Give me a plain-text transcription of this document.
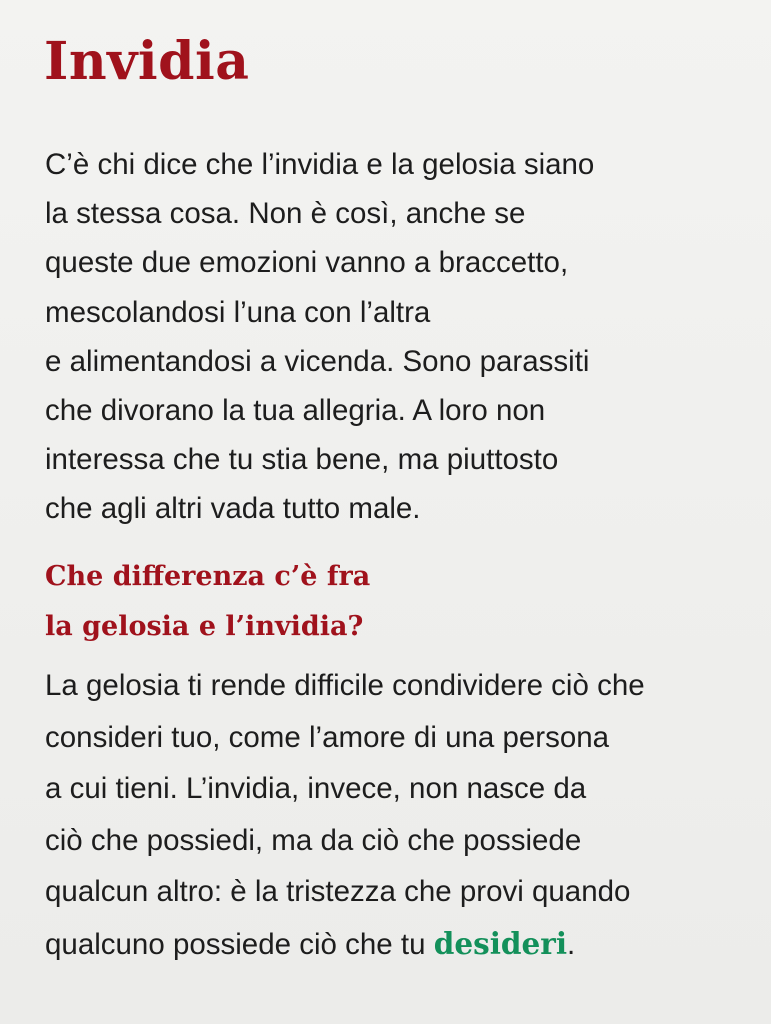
Invidia
C’è chi dice che l’invidia e la gelosia siano
la stessa cosa. Non è così, anche se
queste due emozioni vanno a braccetto,
mescolandosi l’una con l’altra
e alimentandosi a vicenda. Sono parassiti
che divorano la tua allegria. A loro non
interessa che tu stia bene, ma piuttosto
che agli altri vada tutto male.
Che differenza c’è fra
la gelosia e l’invidia?
La gelosia ti rende difficile condividere ciò che
consideri tuo, come l’amore di una persona
a cui tieni. L’invidia, invece, non nasce da
ciò che possiedi, ma da ciò che possiede
qualcun altro: è la tristezza che provi quando
qualcuno possiede ciò che tu desideri.
